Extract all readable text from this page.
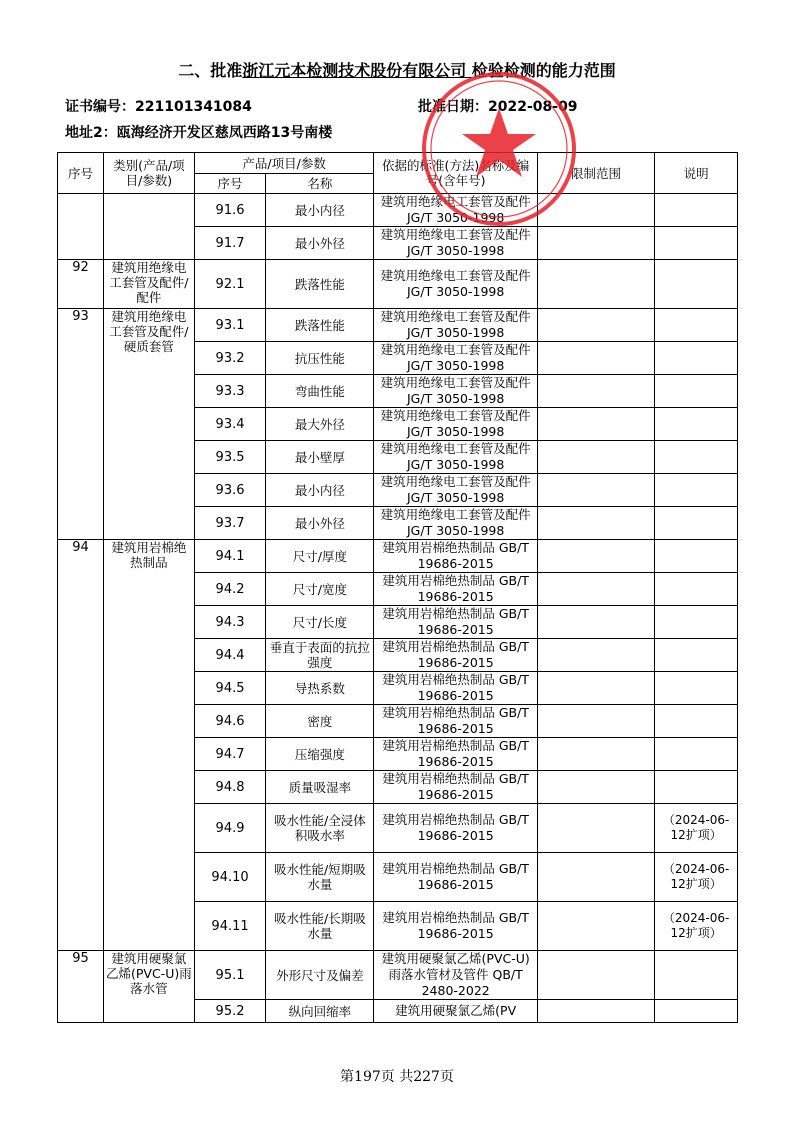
二、批准浙江元本检测技术股份有限公司 检验检测的能力范围
证书编号：221101341084	批准日期：2022-08-09
地址2：瓯海经济开发区慈凤西路13号南楼
序号	类别(产品/项目/参数)	产品/项目/参数		依据的标准(方法)名称及编号(含年号)	限制范围	说明
		序号	名称			
		91.6	最小内径	建筑用绝缘电工套管及配件 JG/T 3050-1998		
		91.7	最小外径	建筑用绝缘电工套管及配件 JG/T 3050-1998		
92	建筑用绝缘电工套管及配件/配件	92.1	跌落性能	建筑用绝缘电工套管及配件 JG/T 3050-1998		
93	建筑用绝缘电工套管及配件/硬质套管	93.1	跌落性能	建筑用绝缘电工套管及配件 JG/T 3050-1998		
		93.2	抗压性能	建筑用绝缘电工套管及配件 JG/T 3050-1998		
		93.3	弯曲性能	建筑用绝缘电工套管及配件 JG/T 3050-1998		
		93.4	最大外径	建筑用绝缘电工套管及配件 JG/T 3050-1998		
		93.5	最小壁厚	建筑用绝缘电工套管及配件 JG/T 3050-1998		
		93.6	最小内径	建筑用绝缘电工套管及配件 JG/T 3050-1998		
		93.7	最小外径	建筑用绝缘电工套管及配件 JG/T 3050-1998		
94	建筑用岩棉绝热制品	94.1	尺寸/厚度	建筑用岩棉绝热制品 GB/T 19686-2015		
		94.2	尺寸/宽度	建筑用岩棉绝热制品 GB/T 19686-2015		
		94.3	尺寸/长度	建筑用岩棉绝热制品 GB/T 19686-2015		
		94.4	垂直于表面的抗拉强度	建筑用岩棉绝热制品 GB/T 19686-2015		
		94.5	导热系数	建筑用岩棉绝热制品 GB/T 19686-2015		
		94.6	密度	建筑用岩棉绝热制品 GB/T 19686-2015		
		94.7	压缩强度	建筑用岩棉绝热制品 GB/T 19686-2015		
		94.8	质量吸湿率	建筑用岩棉绝热制品 GB/T 19686-2015		
		94.9	吸水性能/全浸体积吸水率	建筑用岩棉绝热制品 GB/T 19686-2015		（2024-06-12扩项）
		94.10	吸水性能/短期吸水量	建筑用岩棉绝热制品 GB/T 19686-2015		（2024-06-12扩项）
		94.11	吸水性能/长期吸水量	建筑用岩棉绝热制品 GB/T 19686-2015		（2024-06-12扩项）
95	建筑用硬聚氯乙烯(PVC-U)雨落水管	95.1	外形尺寸及偏差	建筑用硬聚氯乙烯(PVC-U)雨落水管材及管件 QB/T 2480-2022		
		95.2	纵向回缩率	建筑用硬聚氯乙烯(PV		
第197页 共227页
